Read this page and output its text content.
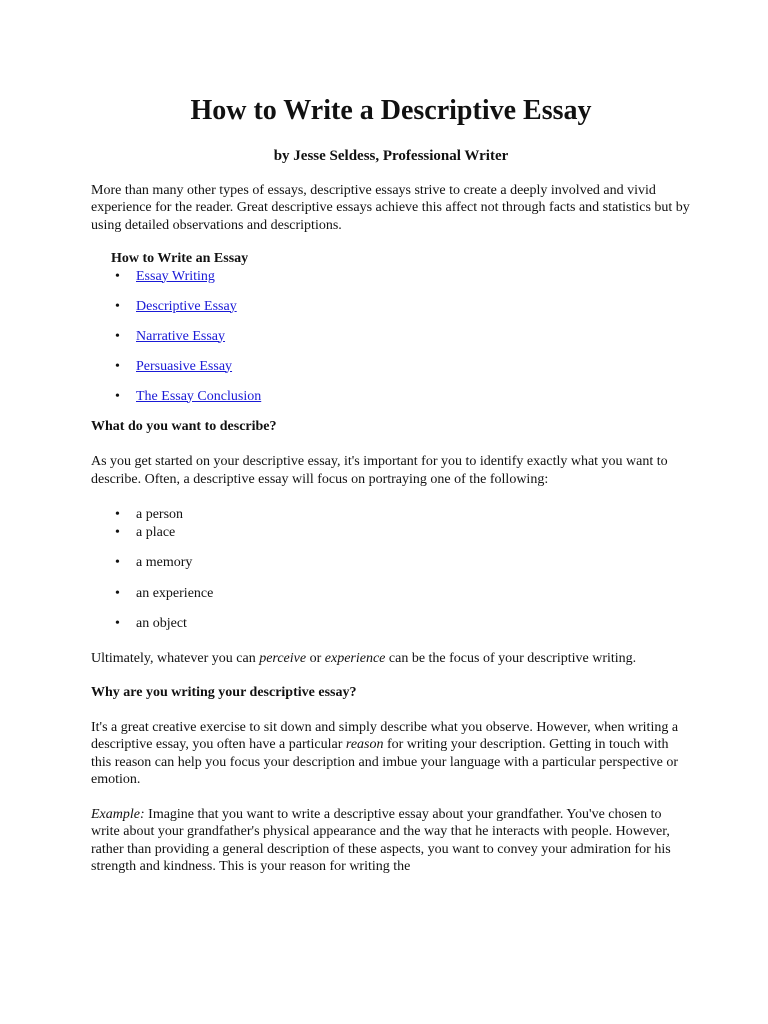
How to Write a Descriptive Essay

by Jesse Seldess, Professional Writer

More than many other types of essays, descriptive essays strive to create a deeply involved and vivid experience for the reader. Great descriptive essays achieve this affect not through facts and statistics but by using detailed observations and descriptions.

How to Write an Essay
• Essay Writing
• Descriptive Essay
• Narrative Essay
• Persuasive Essay
• The Essay Conclusion

What do you want to describe?

As you get started on your descriptive essay, it's important for you to identify exactly what you want to describe. Often, a descriptive essay will focus on portraying one of the following:

• a person
• a place
• a memory
• an experience
• an object

Ultimately, whatever you can perceive or experience can be the focus of your descriptive writing.

Why are you writing your descriptive essay?

It's a great creative exercise to sit down and simply describe what you observe. However, when writing a descriptive essay, you often have a particular reason for writing your description. Getting in touch with this reason can help you focus your description and imbue your language with a particular perspective or emotion.

Example: Imagine that you want to write a descriptive essay about your grandfather. You've chosen to write about your grandfather's physical appearance and the way that he interacts with people. However, rather than providing a general description of these aspects, you want to convey your admiration for his strength and kindness. This is your reason for writing the
